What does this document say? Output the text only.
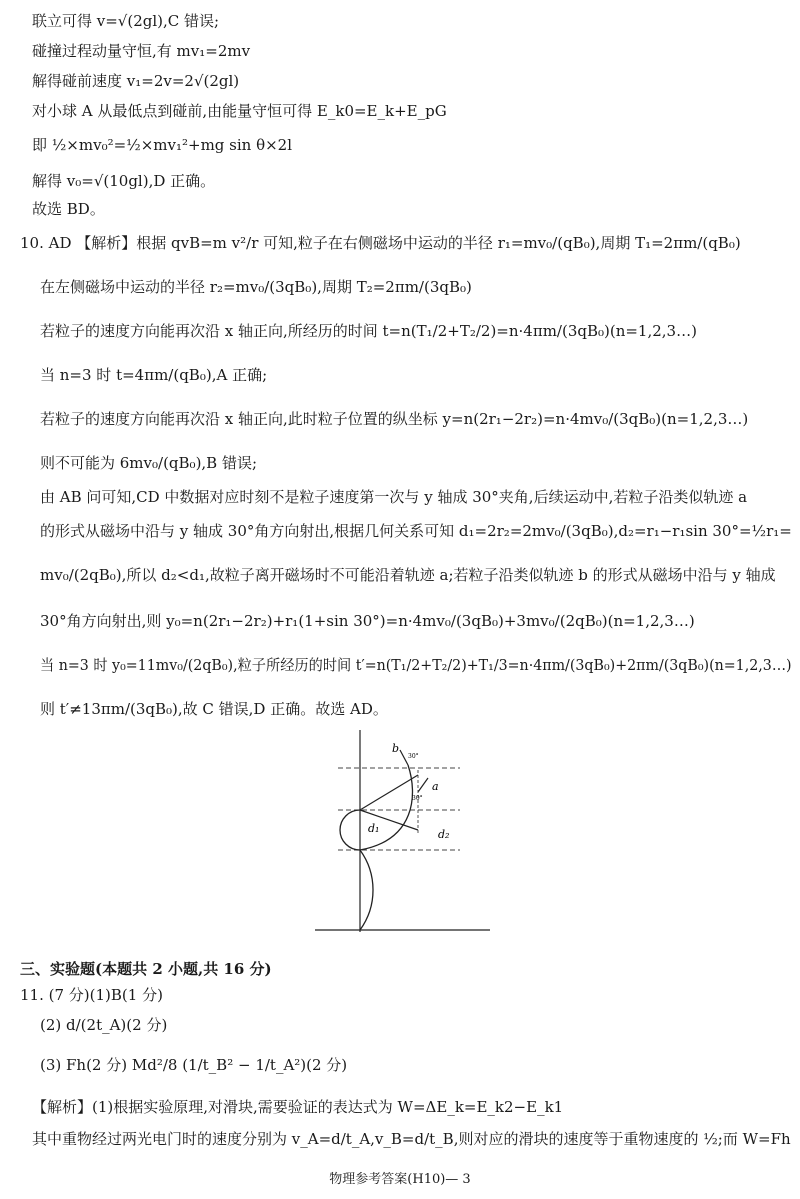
联立可得 v=√(2gl),C 错误;
碰撞过程动量守恒,有 mv₁=2mv
解得碰前速度 v₁=2v=2√(2gl)
对小球 A 从最低点到碰前,由能量守恒可得 E_k0=E_k+E_pG
即 ½×mv₀²=½×mv₁²+mg sin θ×2l
解得 v₀=√(10gl),D 正确。
故选 BD。
10. AD 【解析】根据 qvB=m v²/r 可知,粒子在右侧磁场中运动的半径 r₁=mv₀/(qB₀),周期 T₁=2πm/(qB₀)
在左侧磁场中运动的半径 r₂=mv₀/(3qB₀),周期 T₂=2πm/(3qB₀)
若粒子的速度方向能再次沿 x 轴正向,所经历的时间 t=n(T₁/2+T₂/2)=n·4πm/(3qB₀)(n=1,2,3…)
当 n=3 时 t=4πm/(qB₀),A 正确;
若粒子的速度方向能再次沿 x 轴正向,此时粒子位置的纵坐标 y=n(2r₁−2r₂)=n·4mv₀/(3qB₀)(n=1,2,3…)
则不可能为 6mv₀/(qB₀),B 错误;
由 AB 问可知,CD 中数据对应时刻不是粒子速度第一次与 y 轴成 30°夹角,后续运动中,若粒子沿类似轨迹 a
的形式从磁场中沿与 y 轴成 30°角方向射出,根据几何关系可知 d₁=2r₂=2mv₀/(3qB₀),d₂=r₁−r₁sin 30°=½r₁=
mv₀/(2qB₀),所以 d₂<d₁,故粒子离开磁场时不可能沿着轨迹 a;若粒子沿类似轨迹 b 的形式从磁场中沿与 y 轴成
30°角方向射出,则 y₀=n(2r₁−2r₂)+r₁(1+sin 30°)=n·4mv₀/(3qB₀)+3mv₀/(2qB₀)(n=1,2,3…)
当 n=3 时 y₀=11mv₀/(2qB₀),粒子所经历的时间 t′=n(T₁/2+T₂/2)+T₁/3=n·4πm/(3qB₀)+2πm/(3qB₀)(n=1,2,3…)
则 t′≠13πm/(3qB₀),故 C 错误,D 正确。故选 AD。
b
30°
a
30°
d₁	d₂
三、实验题(本题共 2 小题,共 16 分)
11. (7 分)(1)B(1 分)
(2) d/(2t_A)(2 分)
(3) Fh(2 分) Md²/8 (1/t_B² − 1/t_A²)(2 分)
【解析】(1)根据实验原理,对滑块,需要验证的表达式为 W=ΔE_k=E_k2−E_k1
其中重物经过两光电门时的速度分别为 v_A=d/t_A,v_B=d/t_B,则对应的滑块的速度等于重物速度的 ½;而 W=Fh
物理参考答案(H10)— 3
